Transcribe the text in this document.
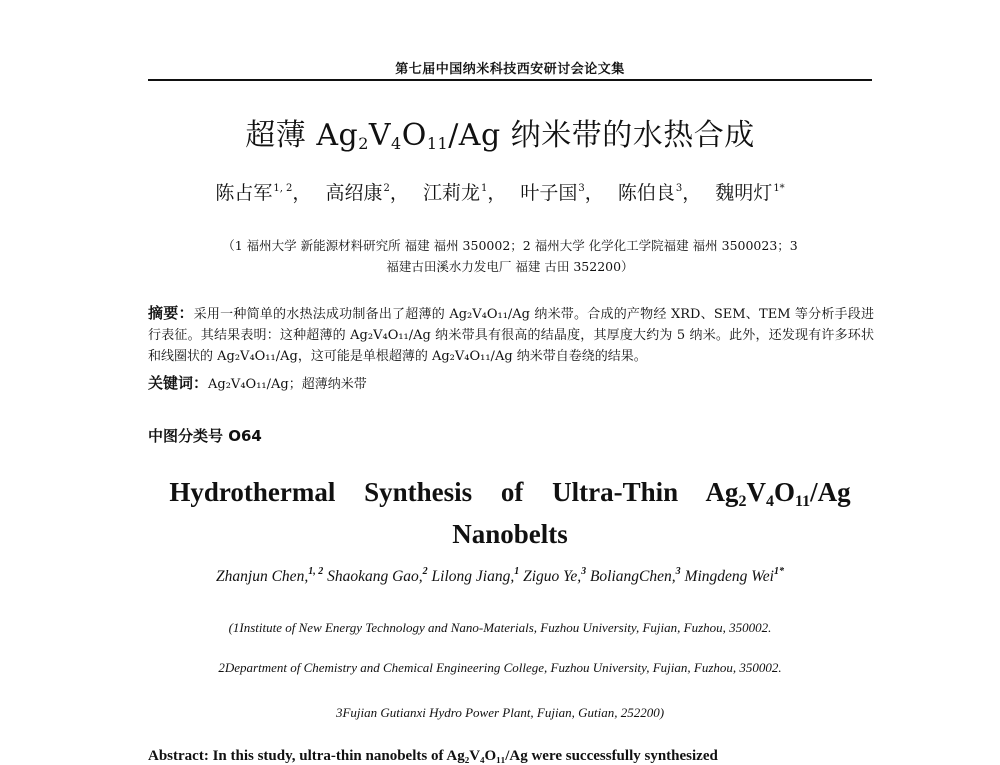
第七届中国纳米科技西安研讨会论文集
超薄 $Ag_2V_4O_{11}/Ag$ 纳米带的水热合成
陈占军$^{1, 2}$， 高绍康$^2$， 江莉龙$^1$， 叶子国$^3$， 陈伯良$^3$， 魏明灯$^{1*}$
（1 福州大学 新能源材料研究所 福建 福州 350002；2 福州大学 化学化工学院福建 福州 3500023；3
福建古田溪水力发电厂 福建 古田 352200）
摘要：采用一种简单的水热法成功制备出了超薄的 Ag₂V₄O₁₁/Ag 纳米带。合成的产物经 XRD、SEM、TEM 等分析手段进行表征。其结果表明：这种超薄的 Ag₂V₄O₁₁/Ag 纳米带具有很高的结晶度，其厚度大约为 5 纳米。此外，还发现有许多环状和线圈状的 Ag₂V₄O₁₁/Ag，这可能是单根超薄的 Ag₂V₄O₁₁/Ag 纳米带自卷绕的结果。
关键词：Ag₂V₄O₁₁/Ag；超薄纳米带
中图分类号 O64
Hydrothermal Synthesis of Ultra-Thin $Ag_2V_4O_{11}/Ag$
Nanobelts
Zhanjun Chen,$^{1, 2}$ Shaokang Gao,$^2$ Lilong Jiang,$^1$ Ziguo Ye,$^3$ BoliangChen,$^3$ Mingdeng Wei$^{1*}$
(1Institute of New Energy Technology and Nano-Materials, Fuzhou University, Fujian, Fuzhou, 350002.
2Department of Chemistry and Chemical Engineering College, Fuzhou University, Fujian, Fuzhou, 350002.
3Fujian Gutianxi Hydro Power Plant, Fujian, Gutian, 252200)
Abstract: In this study, ultra-thin nanobelts of Ag₂V₄O₁₁/Ag were successfully synthesized
